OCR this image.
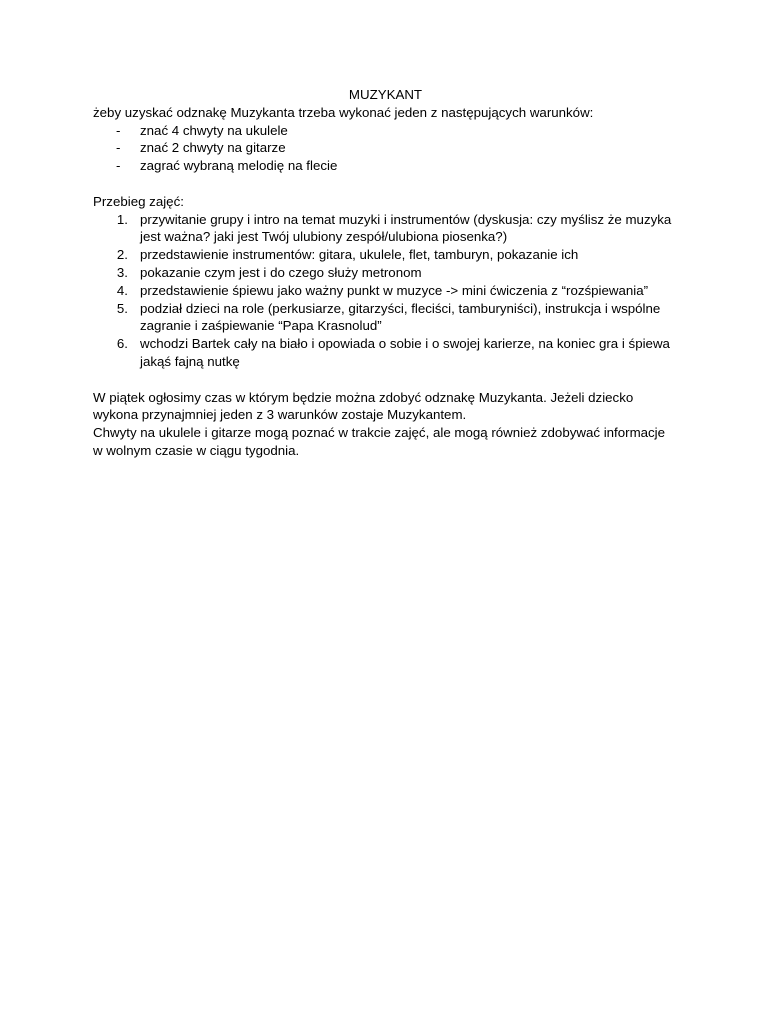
MUZYKANT

żeby uzyskać odznakę Muzykanta trzeba wykonać jeden z następujących warunków:

- znać 4 chwyty na ukulele
- znać 2 chwyty na gitarze
- zagrać wybraną melodię na flecie

Przebieg zajęć:

1. przywitanie grupy i intro na temat muzyki i instrumentów (dyskusja: czy myślisz że muzyka jest ważna? jaki jest Twój ulubiony zespół/ulubiona piosenka?)
2. przedstawienie instrumentów: gitara, ukulele, flet, tamburyn, pokazanie ich
3. pokazanie czym jest i do czego służy metronom
4. przedstawienie śpiewu jako ważny punkt w muzyce -> mini ćwiczenia z “rozśpiewania”
5. podział dzieci na role (perkusiarze, gitarzyści, fleciści, tamburyniści), instrukcja i wspólne zagranie i zaśpiewanie “Papa Krasnolud”
6. wchodzi Bartek cały na biało i opowiada o sobie i o swojej karierze, na koniec gra i śpiewa jakąś fajną nutkę

W piątek ogłosimy czas w którym będzie można zdobyć odznakę Muzykanta. Jeżeli dziecko wykona przynajmniej jeden z 3 warunków zostaje Muzykantem.

Chwyty na ukulele i gitarze mogą poznać w trakcie zajęć, ale mogą również zdobywać informacje w wolnym czasie w ciągu tygodnia.
